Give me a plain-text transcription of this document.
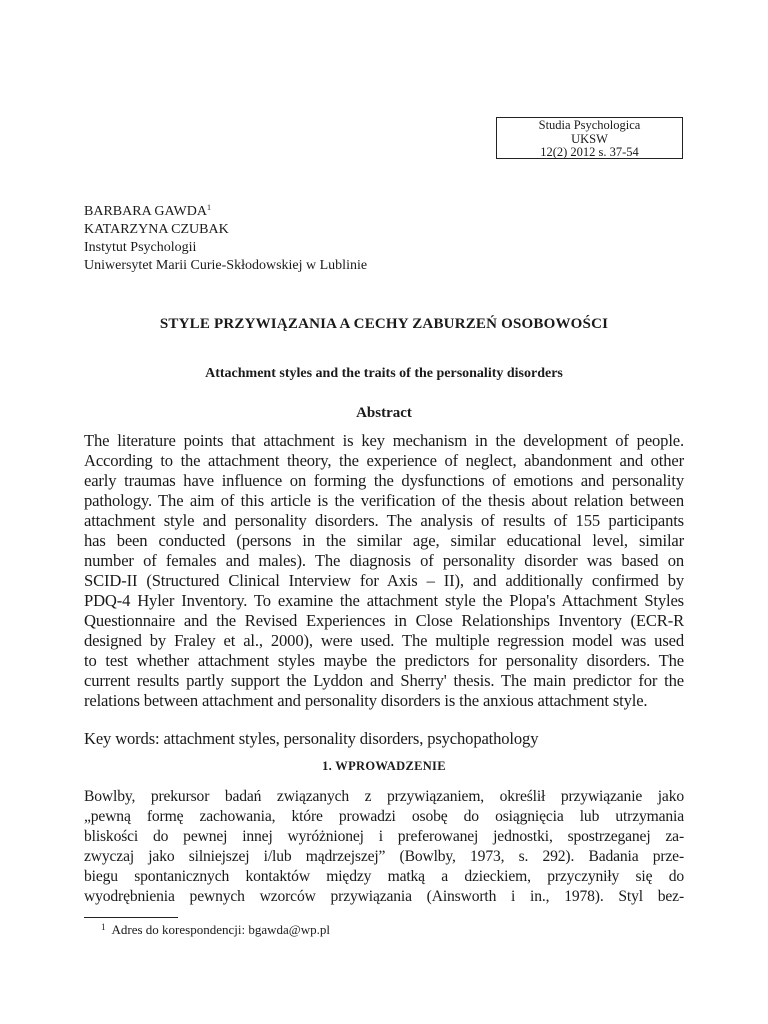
Studia Psychologica
UKSW
12(2) 2012 s. 37-54
BARBARA GAWDA$^1$
KATARZYNA CZUBAK
Instytut Psychologii
Uniwersytet Marii Curie-Skłodowskiej w Lublinie
STYLE PRZYWIĄZANIA A CECHY ZABURZEŃ OSOBOWOŚCI
Attachment styles and the traits of the personality disorders
Abstract
The literature points that attachment is key mechanism in the development of people.
According to the attachment theory, the experience of neglect, abandonment and other
early traumas have influence on forming the dysfunctions of emotions and personality
pathology. The aim of this article is the verification of the thesis about relation between
attachment style and personality disorders. The analysis of results of 155 participants
has been conducted (persons in the similar age, similar educational level, similar
number of females and males). The diagnosis of personality disorder was based on
SCID-II (Structured Clinical Interview for Axis – II), and additionally confirmed by
PDQ-4 Hyler Inventory. To examine the attachment style the Plopa's Attachment Styles
Questionnaire and the Revised Experiences in Close Relationships Inventory (ECR-R
designed by Fraley et al., 2000), were used. The multiple regression model was used
to test whether attachment styles maybe the predictors for personality disorders. The
current results partly support the Lyddon and Sherry' thesis. The main predictor for the
relations between attachment and personality disorders is the anxious attachment style.
Key words: attachment styles, personality disorders, psychopathology
1. WPROWADZENIE
Bowlby, prekursor badań związanych z przywiązaniem, określił przywiązanie jako
„pewną formę zachowania, które prowadzi osobę do osiągnięcia lub utrzymania
bliskości do pewnej innej wyróżnionej i preferowanej jednostki, spostrzeganej za-
zwyczaj jako silniejszej i/lub mądrzejszej” (Bowlby, 1973, s. 292). Badania prze-
biegu spontanicznych kontaktów między matką a dzieckiem, przyczyniły się do
wyodrębnienia pewnych wzorców przywiązania (Ainsworth i in., 1978). Styl bez-
$^1$ Adres do korespondencji: bgawda@wp.pl
